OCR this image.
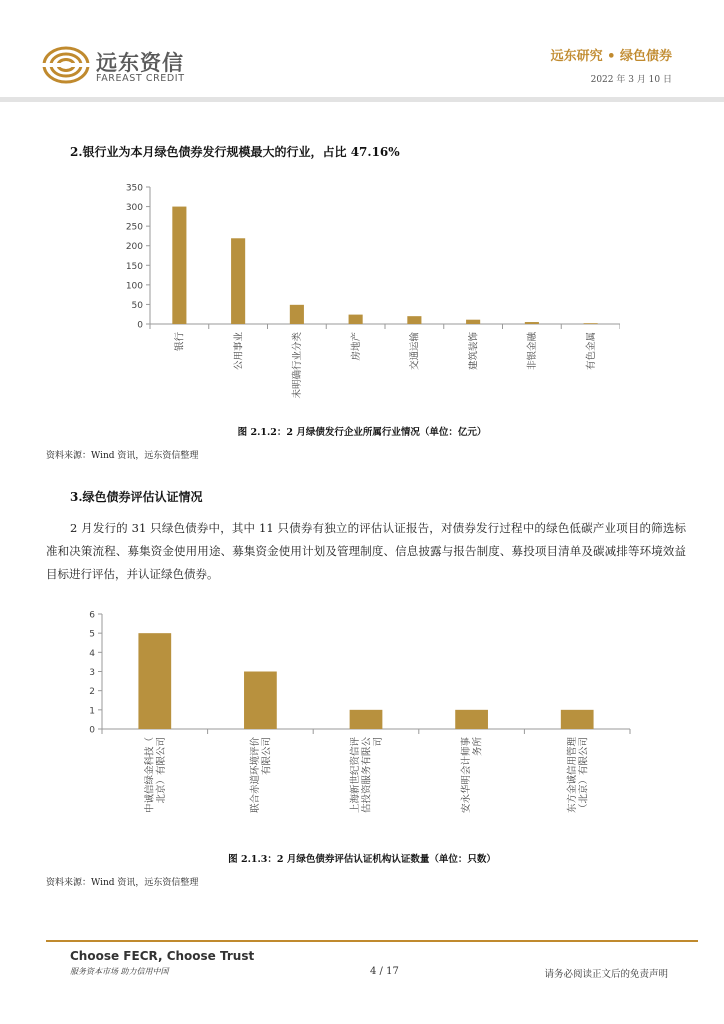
远东资信
FAREAST CREDIT
远东研究 • 绿色债券
2022 年 3 月 10 日
2.银行业为本月绿色债券发行规模最大的行业，占比 47.16%
0
50
100
150
200
250
300
350
银行	公用事业	未明确行业分类	房地产	交通运输	建筑装饰	非银金融	有色金属
图 2.1.2：2 月绿债发行企业所属行业情况（单位：亿元）
资料来源：Wind 资讯，远东资信整理
3.绿色债券评估认证情况
2 月发行的 31 只绿色债券中，其中 11 只债券有独立的评估认证报告，对债券发行过程中的绿色低碳产业项目的筛选标准和决策流程、募集资金使用用途、募集资金使用计划及管理制度、信息披露与报告制度、募投项目清单及碳减排等环境效益目标进行评估，并认证绿色债券。
0
1
2
3
4
5
6
中诚信绿金科技（ 北京）有限公司	联合赤道环境评价 有限公司	上海新世纪资信评 估投资服务有限公 司	安永华明会计师事 务所	东方金诚信用管理 （北京）有限公司
图 2.1.3：2 月绿色债券评估认证机构认证数量（单位：只数）
资料来源：Wind 资讯，远东资信整理
Choose FECR, Choose Trust
服务资本市场 助力信用中国	4 / 17	请务必阅读正文后的免责声明
